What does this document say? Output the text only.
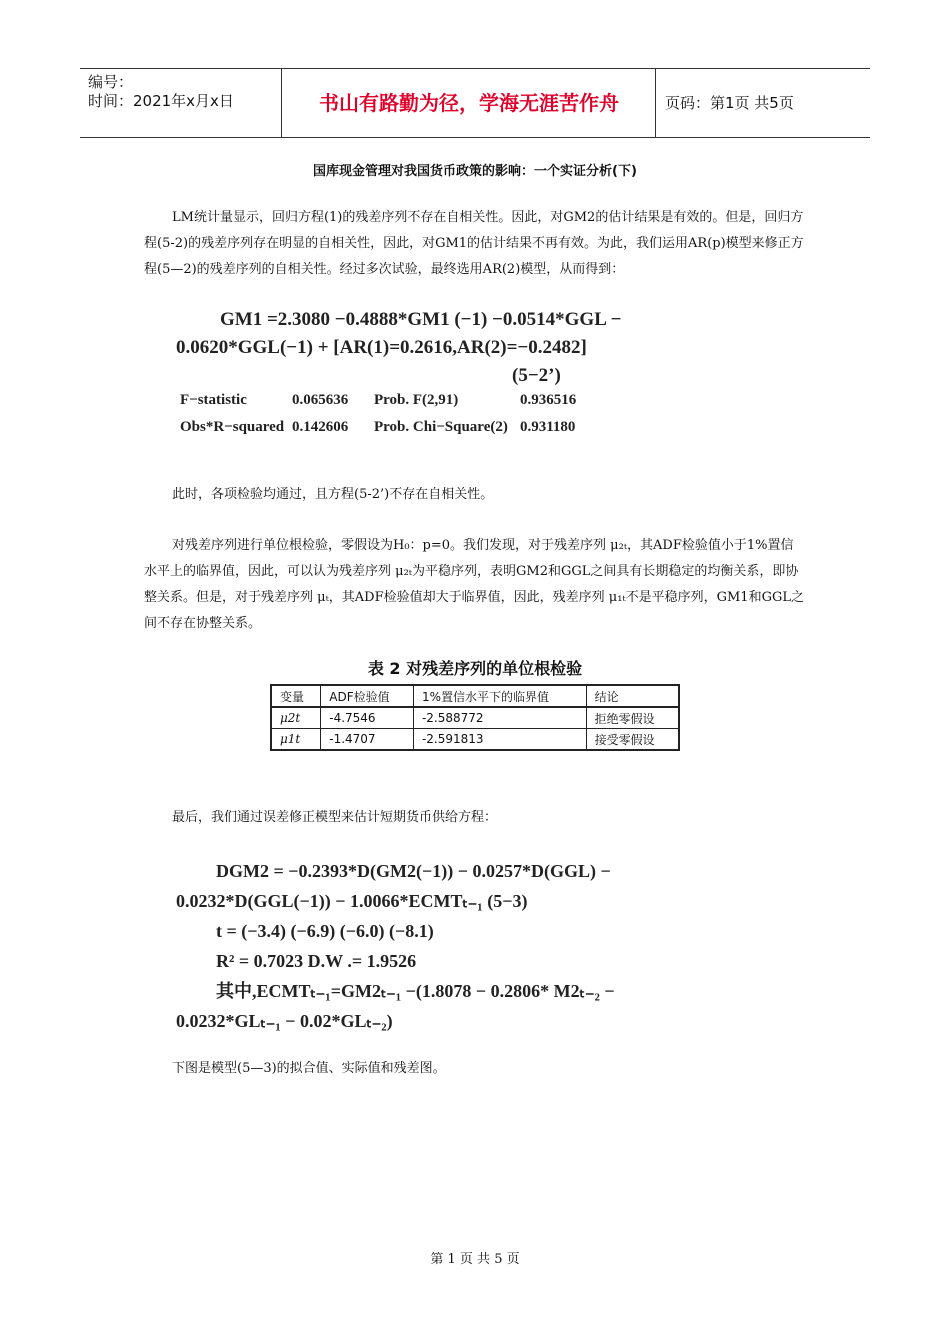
编号：
时间：2021年x月x日	书山有路勤为径，学海无涯苦作舟	页码：第1页 共5页
国库现金管理对我国货币政策的影响：一个实证分析(下)
LM统计量显示，回归方程(1)的残差序列不存在自相关性。因此，对GM2的估计结果是有效的。但是，回归方程(5-2)的残差序列存在明显的自相关性，因此，对GM1的估计结果不再有效。为此，我们运用AR(p)模型来修正方程(5—2)的残差序列的自相关性。经过多次试验，最终选用AR(2)模型，从而得到：
GM1 =2.3080 −0.4888*GM1 (−1) −0.0514*GGL −
0.0620*GGL(−1) + [AR(1)=0.2616,AR(2)=−0.2482]
(5−2’)
F−statistic	0.065636 Prob. F(2,91)	0.936516
Obs*R−squared 0.142606 Prob. Chi−Square(2) 0.931180
此时，各项检验均通过，且方程(5-2’)不存在自相关性。
对残差序列进行单位根检验，零假设为H₀：p=0。我们发现，对于残差序列 μ₂ₜ，其ADF检验值小于1%置信水平上的临界值，因此，可以认为残差序列 μ₂ₜ为平稳序列，表明GM2和GGL之间具有长期稳定的均衡关系，即协整关系。但是，对于残差序列 μₜ，其ADF检验值却大于临界值，因此，残差序列 μ₁ₜ不是平稳序列，GM1和GGL之间不存在协整关系。
表 2 对残差序列的单位根检验
变量	ADF检验值	1%置信水平下的临界值	结论
μ2t	-4.7546	-2.588772	拒绝零假设
μ1t	-1.4707	-2.591813	接受零假设
最后，我们通过误差修正模型来估计短期货币供给方程：
DGM2 = −0.2393*D(GM2(−1)) − 0.0257*D(GGL) −
0.0232*D(GGL(−1)) − 1.0066*ECMTₜ₋₁ (5−3)
t = (−3.4) (−6.9) (−6.0) (−8.1)
R² = 0.7023 D.W .= 1.9526
其中,ECMTₜ₋₁=GM2ₜ₋₁ −(1.8078 − 0.2806* M2ₜ₋₂ −
0.0232*GLₜ₋₁ − 0.02*GLₜ₋₂)
下图是模型(5—3)的拟合值、实际值和残差图。
第 1 页 共 5 页
